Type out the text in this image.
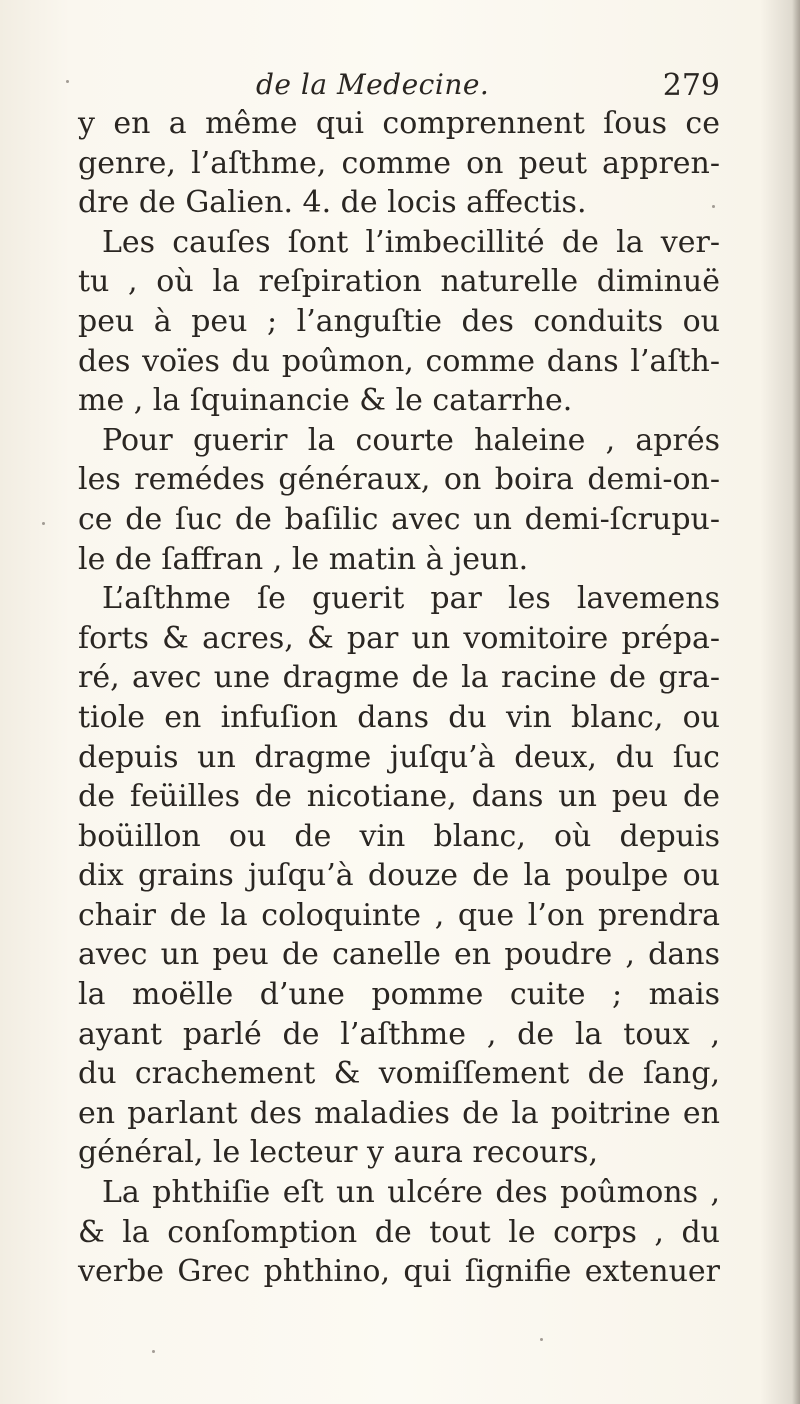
de la Medecine.	279
y en a même qui comprennent ſous ce
genre, l’aſthme, comme on peut appren-
dre de Galien. 4. de locis affectis.
Les cauſes ſont l’imbecillité de la ver-
tu , où la reſpiration naturelle diminuë
peu à peu ; l’anguſtie des conduits ou
des voïes du poûmon, comme dans l’aſth-
me , la ſquinancie & le catarrhe.
Pour guerir la courte haleine , aprés
les remédes généraux, on boira demi-on-
ce de ſuc de baſilic avec un demi-ſcrupu-
le de ſaffran , le matin à jeun.
L’aſthme ſe guerit par les lavemens
forts & acres, & par un vomitoire prépa-
ré, avec une dragme de la racine de gra-
tiole en infuſion dans du vin blanc, ou
depuis un dragme juſqu’à deux, du ſuc
de feüilles de nicotiane, dans un peu de
boüillon ou de vin blanc, où depuis
dix grains juſqu’à douze de la poulpe ou
chair de la coloquinte , que l’on prendra
avec un peu de canelle en poudre , dans
la moëlle d’une pomme cuite ; mais
ayant parlé de l’aſthme , de la toux ,
du crachement & vomiſſement de ſang,
en parlant des maladies de la poitrine en
général, le lecteur y aura recours,
La phthiſie eſt un ulcére des poûmons ,
& la conſomption de tout le corps , du
verbe Grec phthino, qui ſignifie extenuer
